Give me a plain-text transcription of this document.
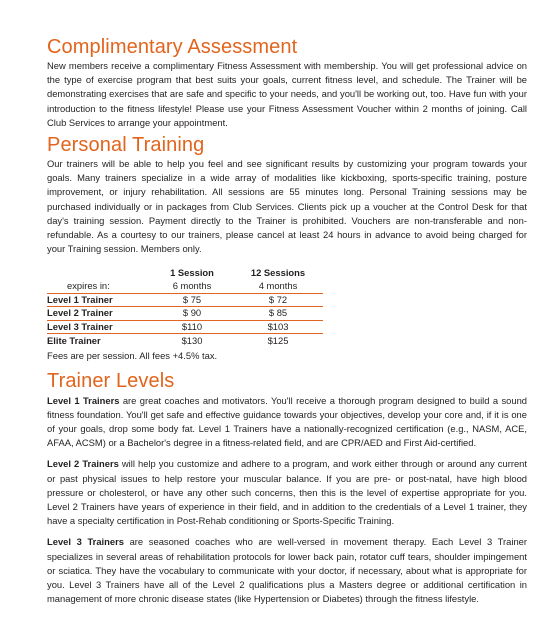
Complimentary Assessment

New members receive a complimentary Fitness Assessment with membership. You will get professional advice on the type of exercise program that best suits your goals, current fitness level, and schedule. The Trainer will be demonstrating exercises that are safe and specific to your needs, and you'll be working out, too. Have fun with your introduction to the fitness lifestyle! Please use your Fitness Assessment Voucher within 2 months of joining. Call Club Services to arrange your appointment.

Personal Training

Our trainers will be able to help you feel and see significant results by customizing your program towards your goals. Many trainers specialize in a wide array of modalities like kickboxing, sports-specific training, posture improvement, or injury rehabilitation. All sessions are 55 minutes long. Personal Training sessions may be purchased individually or in packages from Club Services. Clients pick up a voucher at the Control Desk for that day's training session. Payment directly to the Trainer is prohibited. Vouchers are non-transferable and non-refundable. As a courtesy to our trainers, please cancel at least 24 hours in advance to avoid being charged for your Training session. Members only.

	1 Session	12 Sessions
expires in:	6 months	4 months
Level 1 Trainer	$ 75	$ 72
Level 2 Trainer	$ 90	$ 85
Level 3 Trainer	$110	$103
Elite Trainer	$130	$125

Fees are per session. All fees +4.5% tax.

Trainer Levels

Level 1 Trainers are great coaches and motivators. You'll receive a thorough program designed to build a sound fitness foundation. You'll get safe and effective guidance towards your objectives, develop your core and, if it is one of your goals, drop some body fat. Level 1 Trainers have a nationally-recognized certification (e.g., NASM, ACE, AFAA, ACSM) or a Bachelor's degree in a fitness-related field, and are CPR/AED and First Aid-certified.

Level 2 Trainers will help you customize and adhere to a program, and work either through or around any current or past physical issues to help restore your muscular balance. If you are pre- or post-natal, have high blood pressure or cholesterol, or have any other such concerns, then this is the level of expertise appropriate for you. Level 2 Trainers have years of experience in their field, and in addition to the credentials of a Level 1 trainer, they have a specialty certification in Post-Rehab conditioning or Sports-Specific Training.

Level 3 Trainers are seasoned coaches who are well-versed in movement therapy. Each Level 3 Trainer specializes in several areas of rehabilitation protocols for lower back pain, rotator cuff tears, shoulder impingement or sciatica. They have the vocabulary to communicate with your doctor, if necessary, about what is appropriate for you. Level 3 Trainers have all of the Level 2 qualifications plus a Masters degree or additional certification in management of more chronic disease states (like Hypertension or Diabetes) through the fitness lifestyle.
